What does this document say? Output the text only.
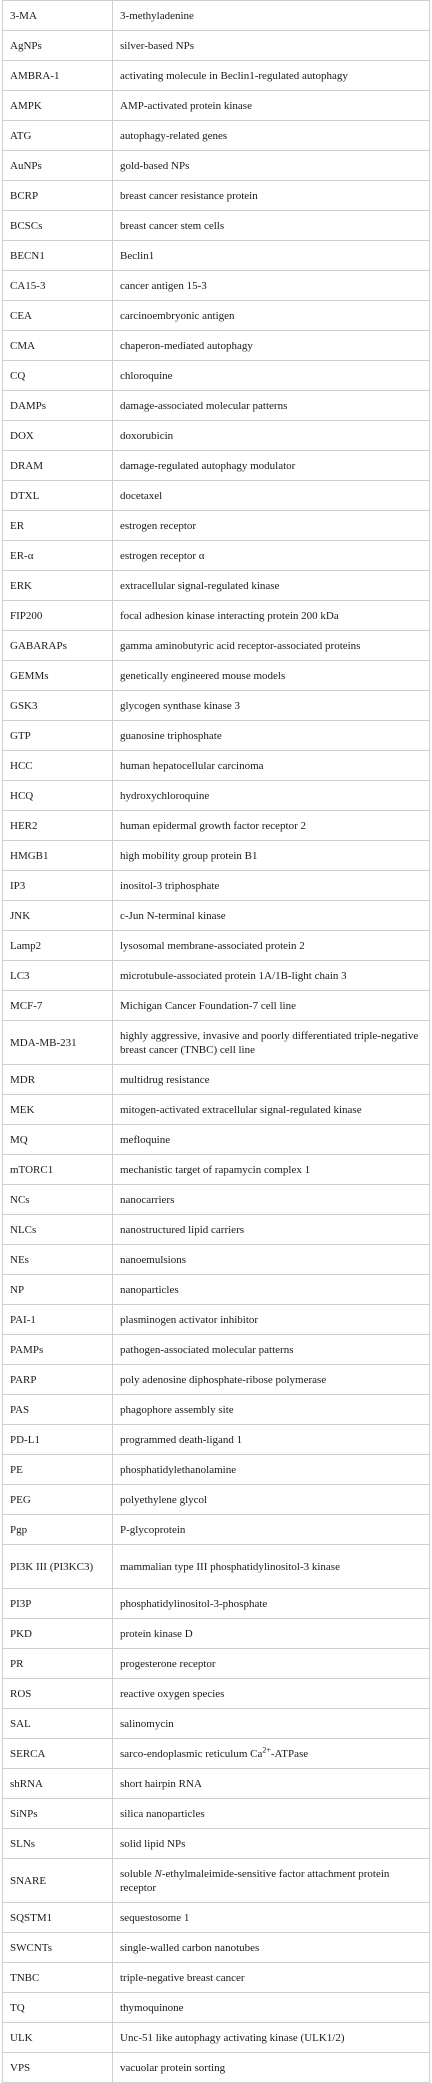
3-MA	3-methyladenine
AgNPs	silver-based NPs
AMBRA-1	activating molecule in Beclin1-regulated autophagy
AMPK	AMP-activated protein kinase
ATG	autophagy-related genes
AuNPs	gold-based NPs
BCRP	breast cancer resistance protein
BCSCs	breast cancer stem cells
BECN1	Beclin1
CA15-3	cancer antigen 15-3
CEA	carcinoembryonic antigen
CMA	chaperon-mediated autophagy
CQ	chloroquine
DAMPs	damage-associated molecular patterns
DOX	doxorubicin
DRAM	damage-regulated autophagy modulator
DTXL	docetaxel
ER	estrogen receptor
ER-α	estrogen receptor α
ERK	extracellular signal-regulated kinase
FIP200	focal adhesion kinase interacting protein 200 kDa
GABARAPs	gamma aminobutyric acid receptor-associated proteins
GEMMs	genetically engineered mouse models
GSK3	glycogen synthase kinase 3
GTP	guanosine triphosphate
HCC	human hepatocellular carcinoma
HCQ	hydroxychloroquine
HER2	human epidermal growth factor receptor 2
HMGB1	high mobility group protein B1
IP3	inositol-3 triphosphate
JNK	c-Jun N-terminal kinase
Lamp2	lysosomal membrane-associated protein 2
LC3	microtubule-associated protein 1A/1B-light chain 3
MCF-7	Michigan Cancer Foundation-7 cell line
MDA-MB-231	highly aggressive, invasive and poorly differentiated triple-negative breast cancer (TNBC) cell line
MDR	multidrug resistance
MEK	mitogen-activated extracellular signal-regulated kinase
MQ	mefloquine
mTORC1	mechanistic target of rapamycin complex 1
NCs	nanocarriers
NLCs	nanostructured lipid carriers
NEs	nanoemulsions
NP	nanoparticles
PAI-1	plasminogen activator inhibitor
PAMPs	pathogen-associated molecular patterns
PARP	poly adenosine diphosphate-ribose polymerase
PAS	phagophore assembly site
PD-L1	programmed death-ligand 1
PE	phosphatidylethanolamine
PEG	polyethylene glycol
Pgp	P-glycoprotein
PI3K III (PI3KC3)	mammalian type III phosphatidylinositol-3 kinase
PI3P	phosphatidylinositol-3-phosphate
PKD	protein kinase D
PR	progesterone receptor
ROS	reactive oxygen species
SAL	salinomycin
SERCA	sarco-endoplasmic reticulum $Ca^{2+}$-ATPase
shRNA	short hairpin RNA
SiNPs	silica nanoparticles
SLNs	solid lipid NPs
SNARE	soluble N-ethylmaleimide-sensitive factor attachment protein receptor
SQSTM1	sequestosome 1
SWCNTs	single-walled carbon nanotubes
TNBC	triple-negative breast cancer
TQ	thymoquinone
ULK	Unc-51 like autophagy activating kinase (ULK1/2)
VPS	vacuolar protein sorting
